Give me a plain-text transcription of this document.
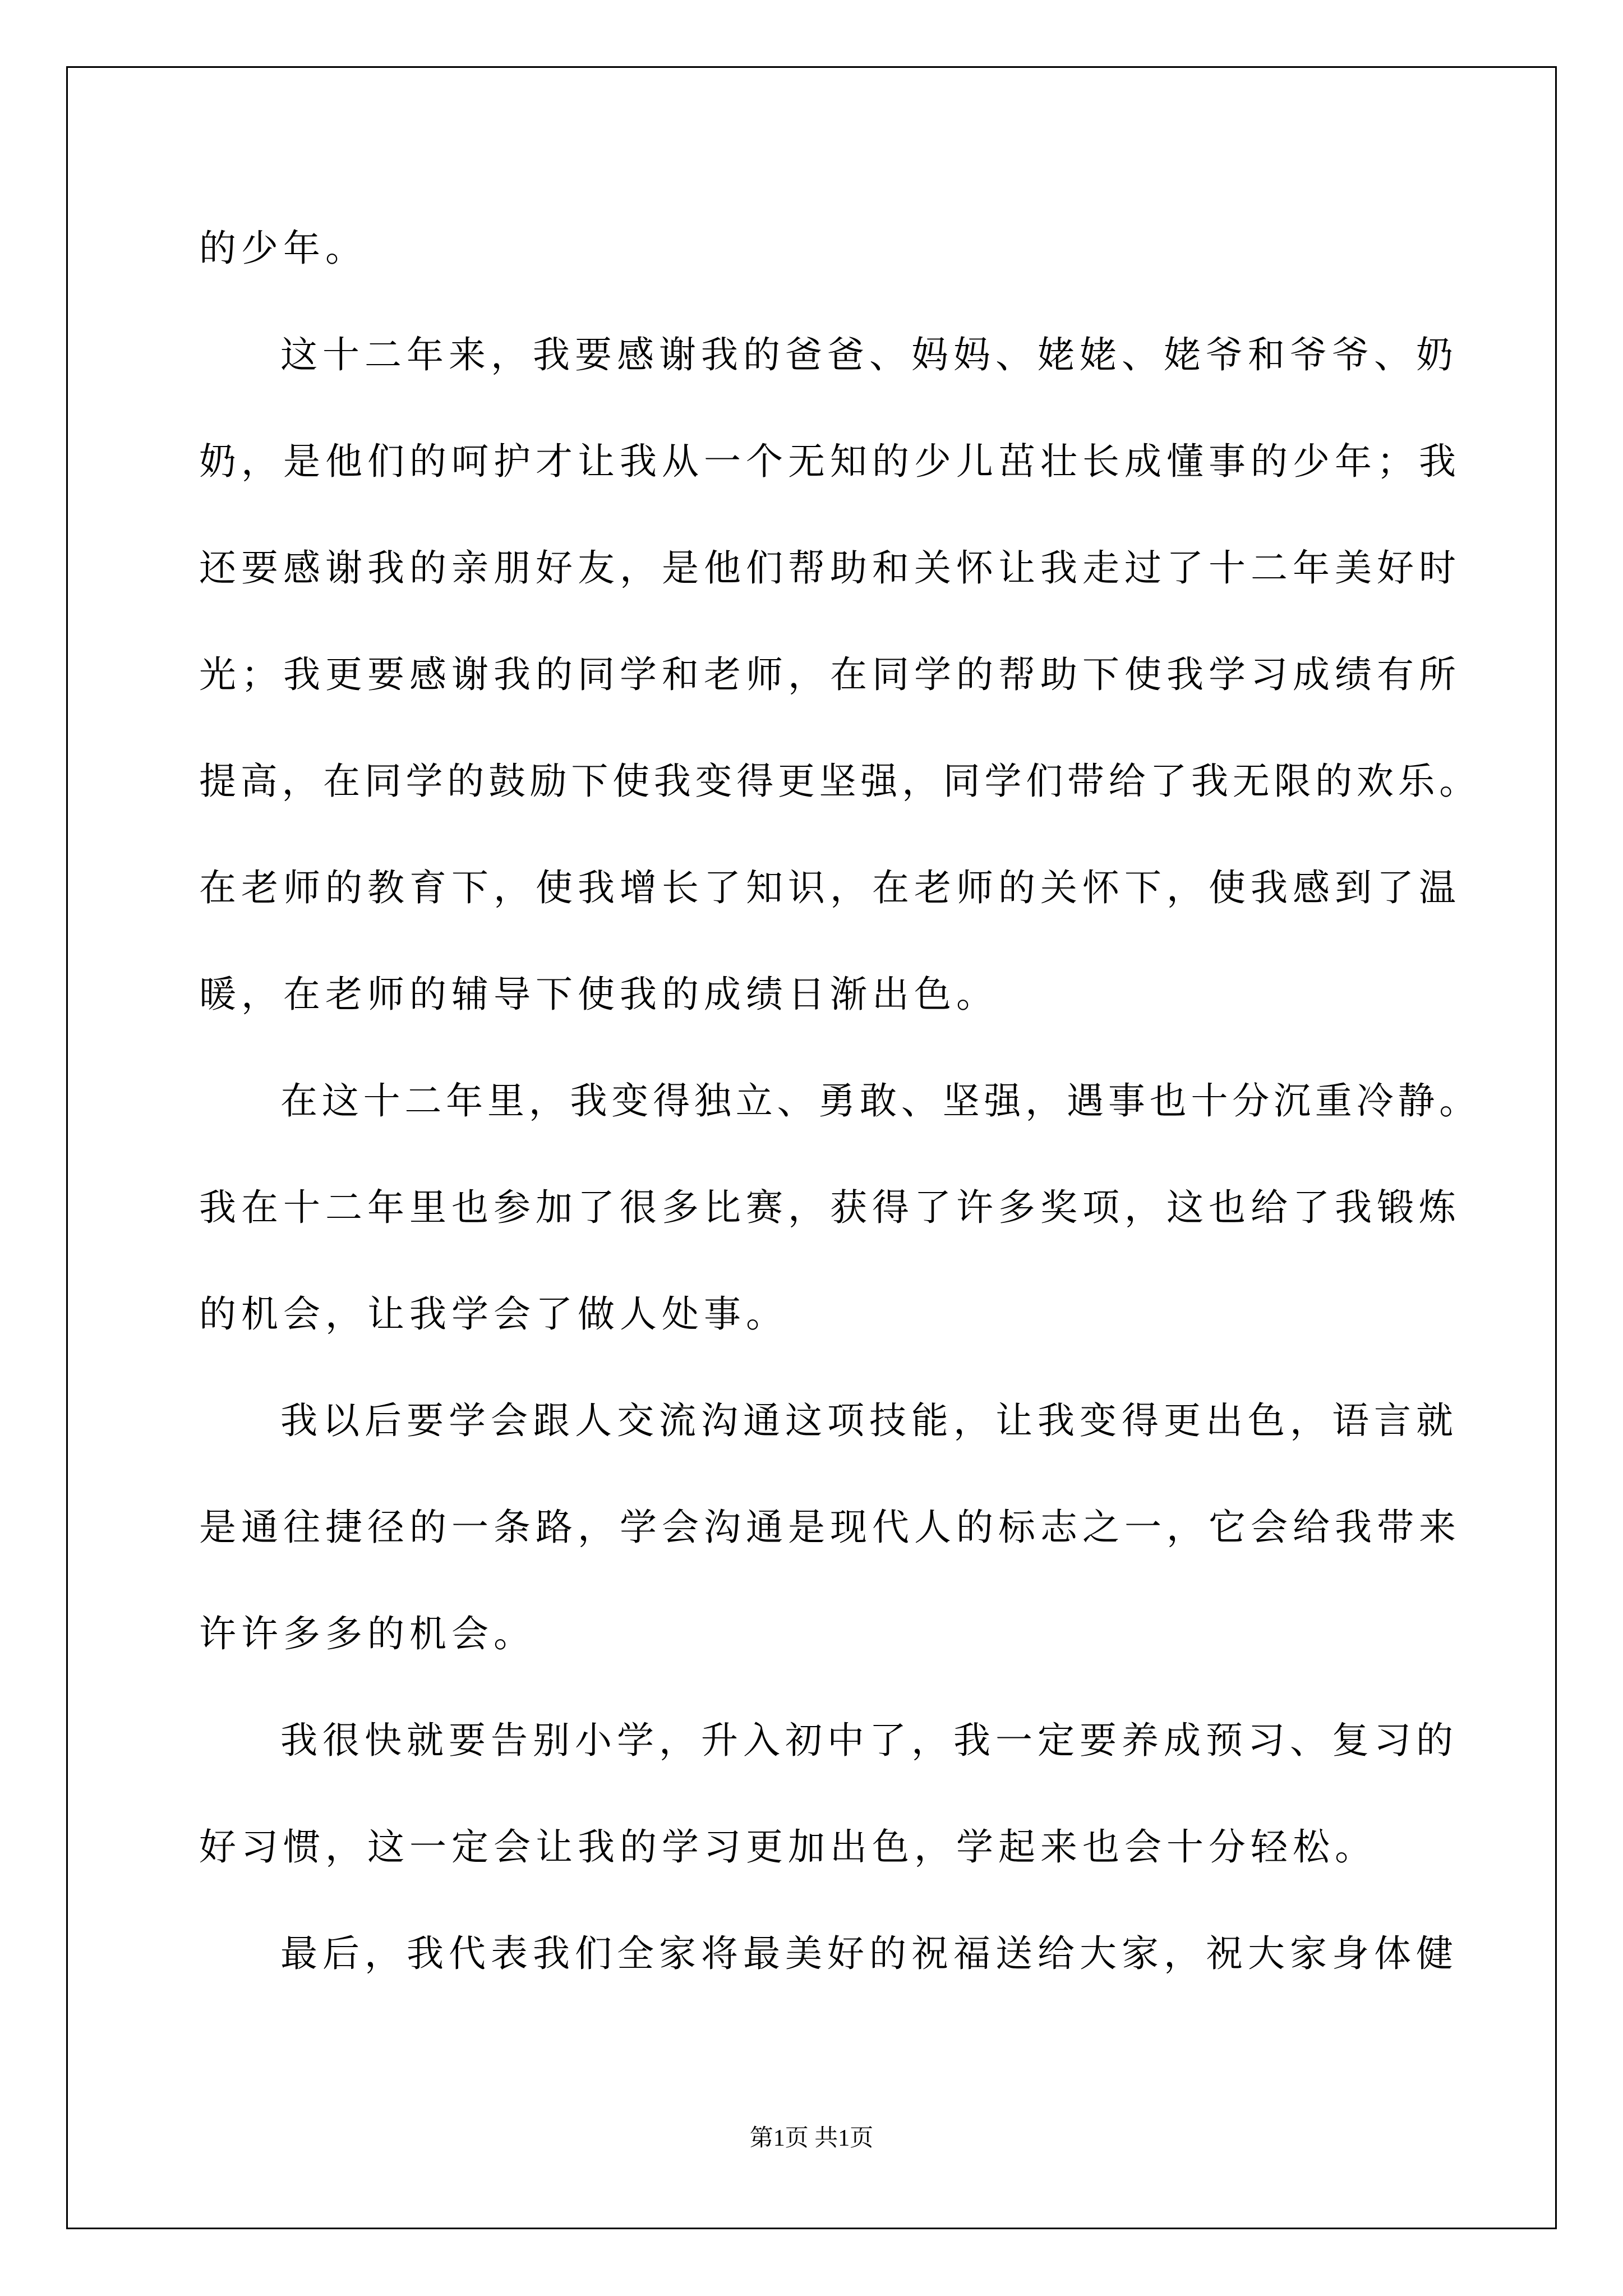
的少年。
这十二年来，我要感谢我的爸爸、妈妈、姥姥、姥爷和爷爷、奶
奶，是他们的呵护才让我从一个无知的少儿茁壮长成懂事的少年；我
还要感谢我的亲朋好友，是他们帮助和关怀让我走过了十二年美好时
光；我更要感谢我的同学和老师，在同学的帮助下使我学习成绩有所
提高，在同学的鼓励下使我变得更坚强，同学们带给了我无限的欢乐。
在老师的教育下，使我增长了知识，在老师的关怀下，使我感到了温
暖，在老师的辅导下使我的成绩日渐出色。
在这十二年里，我变得独立、勇敢、坚强，遇事也十分沉重冷静。
我在十二年里也参加了很多比赛，获得了许多奖项，这也给了我锻炼
的机会，让我学会了做人处事。
我以后要学会跟人交流沟通这项技能，让我变得更出色，语言就
是通往捷径的一条路，学会沟通是现代人的标志之一，它会给我带来
许许多多的机会。
我很快就要告别小学，升入初中了，我一定要养成预习、复习的
好习惯，这一定会让我的学习更加出色，学起来也会十分轻松。
最后，我代表我们全家将最美好的祝福送给大家，祝大家身体健
第1页 共1页
